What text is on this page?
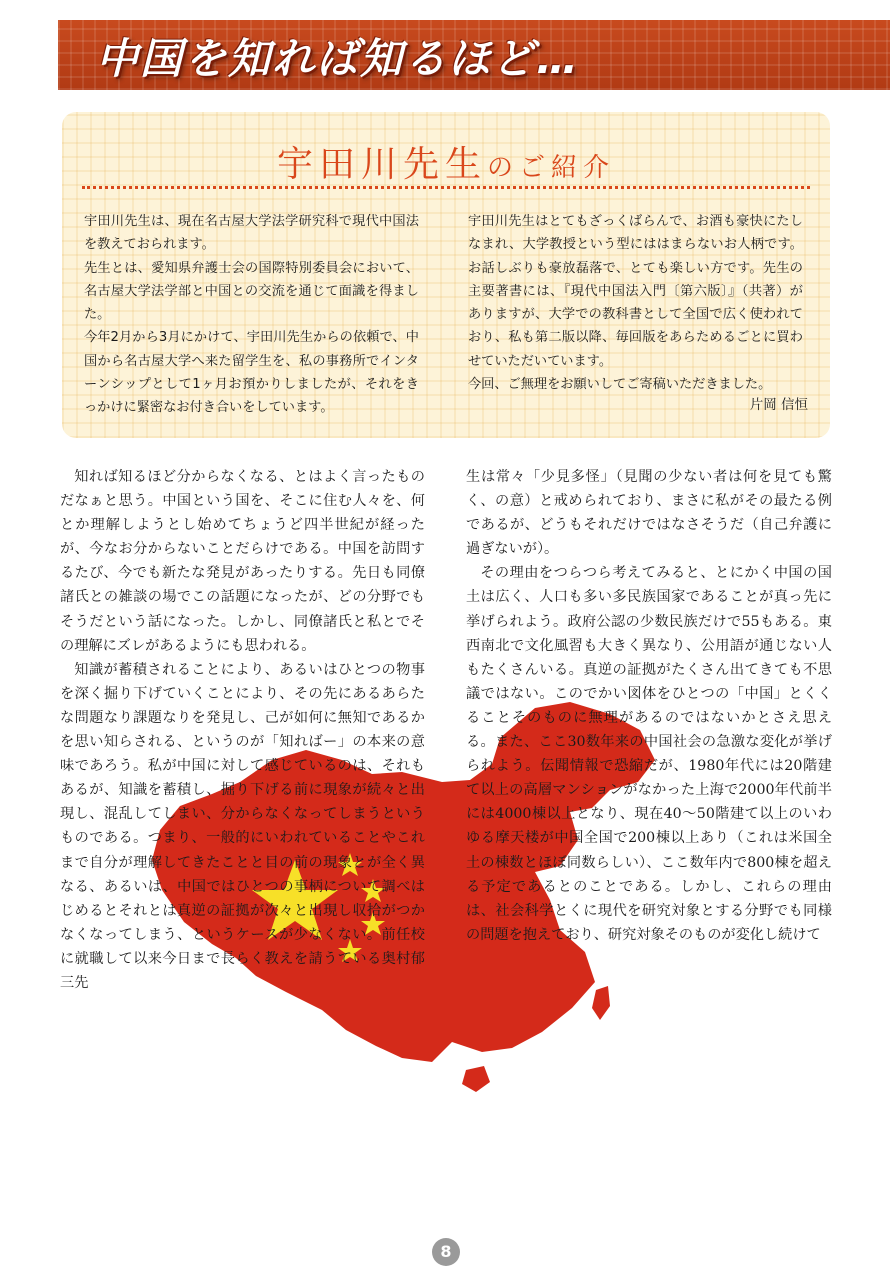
中国を知れば知るほど…
宇田川先生のご紹介

宇田川先生は、現在名古屋大学法学研究科で現代中国法を教えておられます。

先生とは、愛知県弁護士会の国際特別委員会において、名古屋大学法学部と中国との交流を通じて面識を得ました。

今年2月から3月にかけて、宇田川先生からの依頼で、中国から名古屋大学へ来た留学生を、私の事務所でインターンシップとして1ヶ月お預かりしましたが、それをきっかけに緊密なお付き合いをしています。

宇田川先生はとてもざっくばらんで、お酒も豪快にたしなまれ、大学教授という型にははまらないお人柄です。お話しぶりも豪放磊落で、とても楽しい方です。先生の主要著書には、『現代中国法入門〔第六版〕』（共著）がありますが、大学での教科書として全国で広く使われており、私も第二版以降、毎回版をあらためるごとに買わせていただいています。

今回、ご無理をお願いしてご寄稿いただきました。

片岡 信恒

知れば知るほど分からなくなる、とはよく言ったものだなぁと思う。中国という国を、そこに住む人々を、何とか理解しようとし始めてちょうど四半世紀が経ったが、今なお分からないことだらけである。中国を訪問するたび、今でも新たな発見があったりする。先日も同僚諸氏との雑談の場でこの話題になったが、どの分野でもそうだという話になった。しかし、同僚諸氏と私とでその理解にズレがあるようにも思われる。

知識が蓄積されることにより、あるいはひとつの物事を深く掘り下げていくことにより、その先にあるあらたな問題なり課題なりを発見し、己が如何に無知であるかを思い知らされる、というのが「知ればー」の本来の意味であろう。私が中国に対して感じているのは、それもあるが、知識を蓄積し、掘り下げる前に現象が続々と出現し、混乱してしまい、分からなくなってしまうというものである。つまり、一般的にいわれていることやこれまで自分が理解してきたことと目の前の現象とが全く異なる、あるいは、中国ではひとつの事柄について調べはじめるとそれとは真逆の証拠が次々と出現し収拾がつかなくなってしまう、というケースが少なくない。前任校に就職して以来今日まで長らく教えを請うている奥村郁三先

生は常々「少見多怪」（見聞の少ない者は何を見ても驚く、の意）と戒められており、まさに私がその最たる例であるが、どうもそれだけではなさそうだ（自己弁護に過ぎないが）。

その理由をつらつら考えてみると、とにかく中国の国土は広く、人口も多い多民族国家であることが真っ先に挙げられよう。政府公認の少数民族だけで55もある。東西南北で文化風習も大きく異なり、公用語が通じない人もたくさんいる。真逆の証拠がたくさん出てきても不思議ではない。このでかい図体をひとつの「中国」とくくることそのものに無理があるのではないかとさえ思える。また、ここ30数年来の中国社会の急激な変化が挙げられよう。伝聞情報で恐縮だが、1980年代には20階建て以上の高層マンションがなかった上海で2000年代前半には4000棟以上となり、現在40〜50階建て以上のいわゆる摩天楼が中国全国で200棟以上あり（これは米国全土の棟数とほぼ同数らしい）、ここ数年内で800棟を超える予定であるとのことである。しかし、これらの理由は、社会科学とくに現代を研究対象とする分野でも同様の問題を抱えており、研究対象そのものが変化し続けて

8
